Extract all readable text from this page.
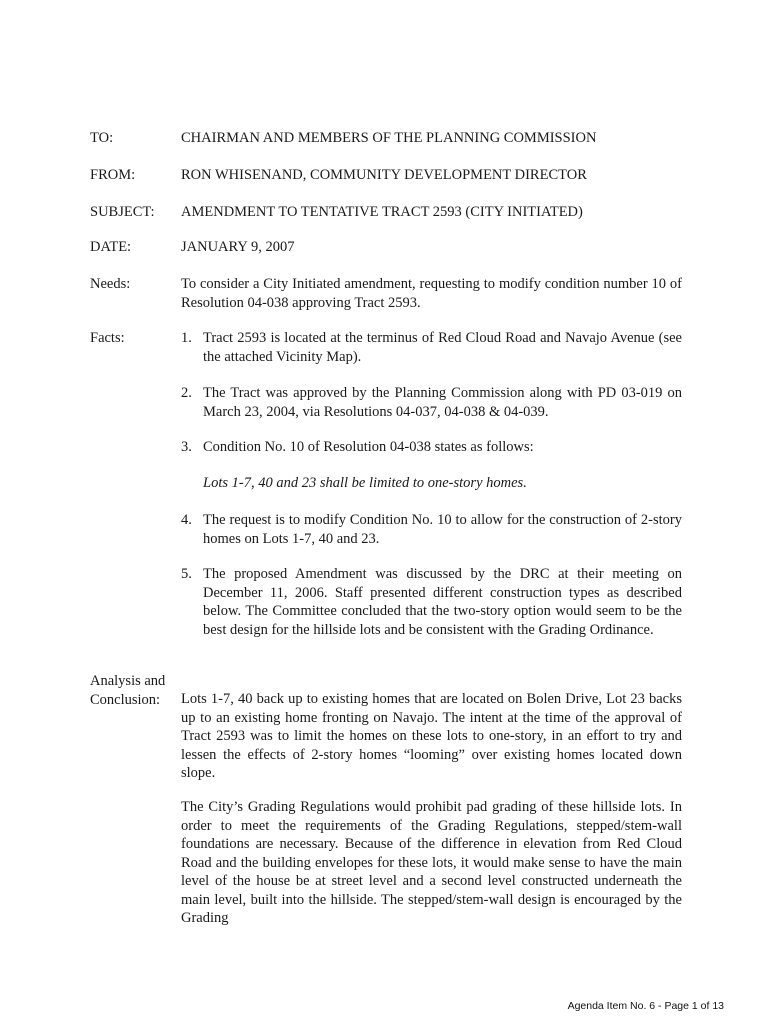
TO:	CHAIRMAN AND MEMBERS OF THE PLANNING COMMISSION
FROM:	RON WHISENAND, COMMUNITY DEVELOPMENT DIRECTOR
SUBJECT:	AMENDMENT TO TENTATIVE TRACT 2593 (CITY INITIATED)
DATE:	JANUARY 9, 2007
Needs:	To consider a City Initiated amendment, requesting to modify condition number 10 of Resolution 04-038 approving Tract 2593.
Facts:	1. Tract 2593 is located at the terminus of Red Cloud Road and Navajo Avenue (see the attached Vicinity Map).
2. The Tract was approved by the Planning Commission along with PD 03-019 on March 23, 2004, via Resolutions 04-037, 04-038 & 04-039.
3. Condition No. 10 of Resolution 04-038 states as follows:
Lots 1-7, 40 and 23 shall be limited to one-story homes.
4. The request is to modify Condition No. 10 to allow for the construction of 2-story homes on Lots 1-7, 40 and 23.
5. The proposed Amendment was discussed by the DRC at their meeting on December 11, 2006. Staff presented different construction types as described below. The Committee concluded that the two-story option would seem to be the best design for the hillside lots and be consistent with the Grading Ordinance.
Analysis and
Conclusion:	Lots 1-7, 40 back up to existing homes that are located on Bolen Drive, Lot 23 backs up to an existing home fronting on Navajo. The intent at the time of the approval of Tract 2593 was to limit the homes on these lots to one-story, in an effort to try and lessen the effects of 2-story homes “looming” over existing homes located down slope.
The City’s Grading Regulations would prohibit pad grading of these hillside lots. In order to meet the requirements of the Grading Regulations, stepped/stem-wall foundations are necessary. Because of the difference in elevation from Red Cloud Road and the building envelopes for these lots, it would make sense to have the main level of the house be at street level and a second level constructed underneath the main level, built into the hillside. The stepped/stem-wall design is encouraged by the Grading
Agenda Item No. 6 - Page 1 of 13
